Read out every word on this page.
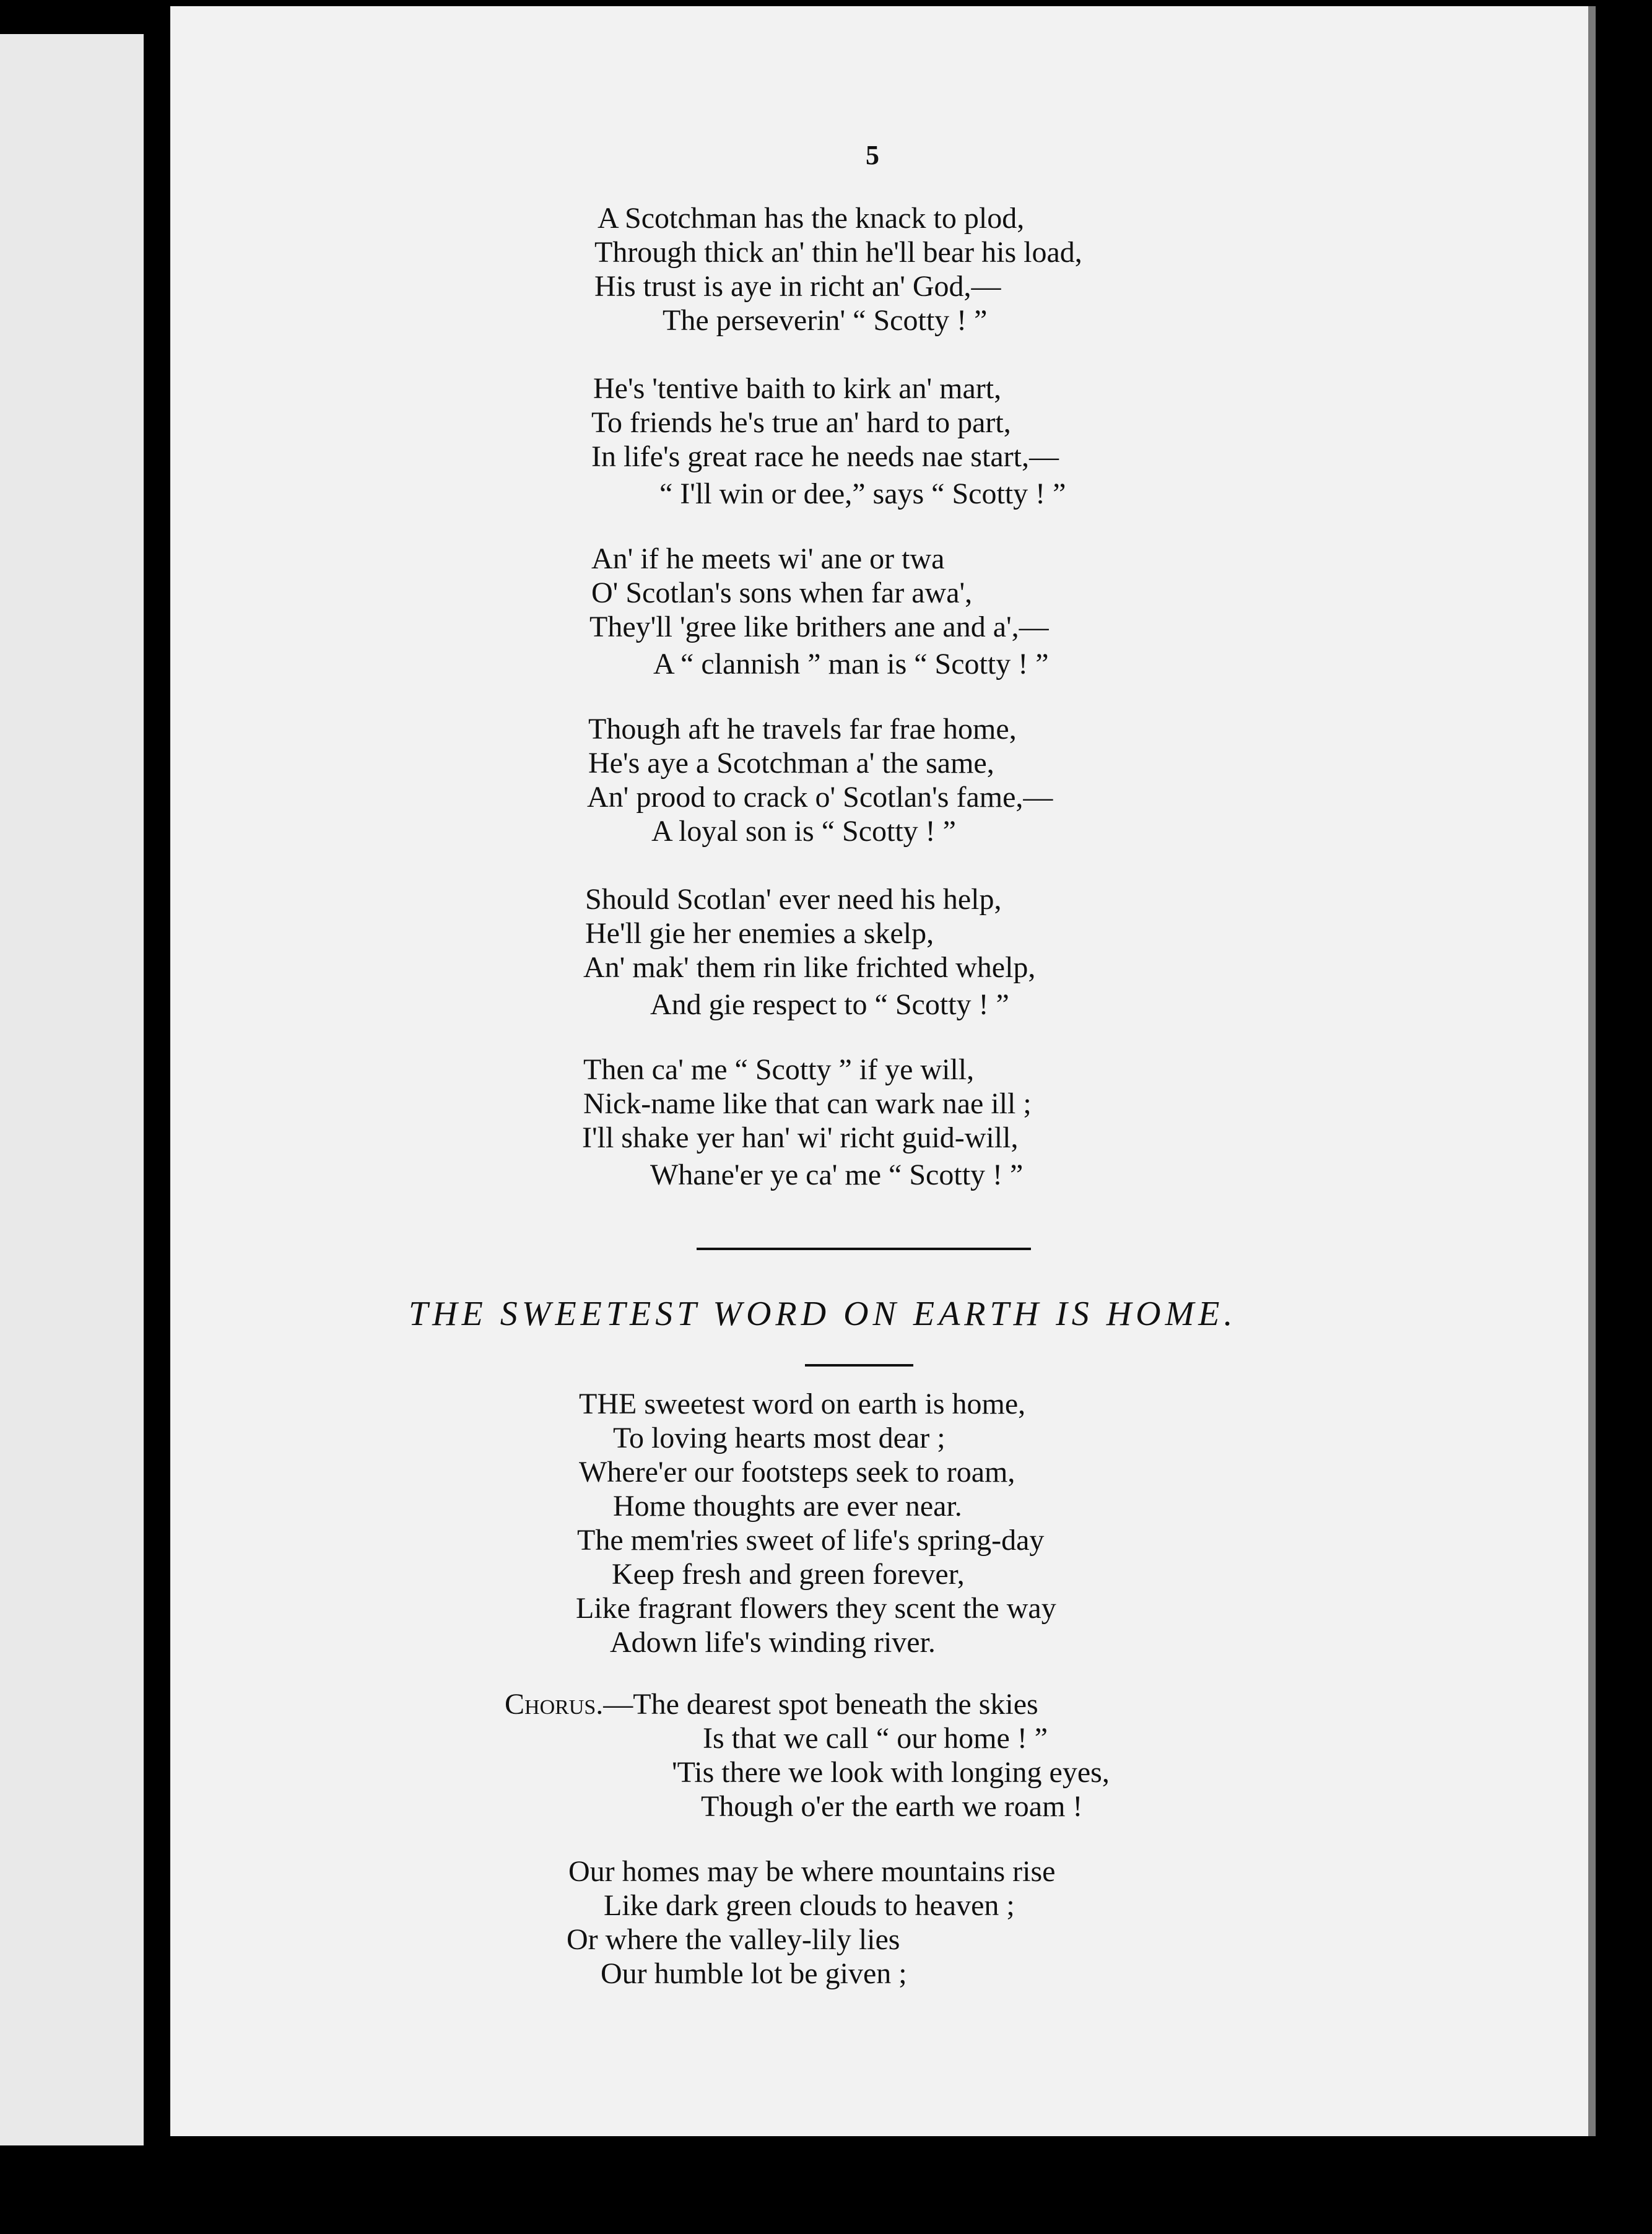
5
A Scotchman has the knack to plod,
Through thick an' thin he'll bear his load,
His trust is aye in richt an' God,—
The perseverin' “ Scotty ! ”
He's 'tentive baith to kirk an' mart,
To friends he's true an' hard to part,
In life's great race he needs nae start,—
“ I'll win or dee,” says “ Scotty ! ”
An' if he meets wi' ane or twa
O' Scotlan's sons when far awa',
They'll 'gree like brithers ane and a',—
A “ clannish ” man is “ Scotty ! ”
Though aft he travels far frae home,
He's aye a Scotchman a' the same,
An' prood to crack o' Scotlan's fame,—
A loyal son is “ Scotty ! ”
Should Scotlan' ever need his help,
He'll gie her enemies a skelp,
An' mak' them rin like frichted whelp,
And gie respect to “ Scotty ! ”
Then ca' me “ Scotty ” if ye will,
Nick-name like that can wark nae ill ;
I'll shake yer han' wi' richt guid-will,
Whane'er ye ca' me “ Scotty ! ”
THE SWEETEST WORD ON EARTH IS HOME.
THE sweetest word on earth is home,
To loving hearts most dear ;
Where'er our footsteps seek to roam,
Home thoughts are ever near.
The mem'ries sweet of life's spring-day
Keep fresh and green forever,
Like fragrant flowers they scent the way
Adown life's winding river.
Chorus.—The dearest spot beneath the skies
Is that we call “ our home ! ”
'Tis there we look with longing eyes,
Though o'er the earth we roam !
Our homes may be where mountains rise
Like dark green clouds to heaven ;
Or where the valley-lily lies
Our humble lot be given ;
